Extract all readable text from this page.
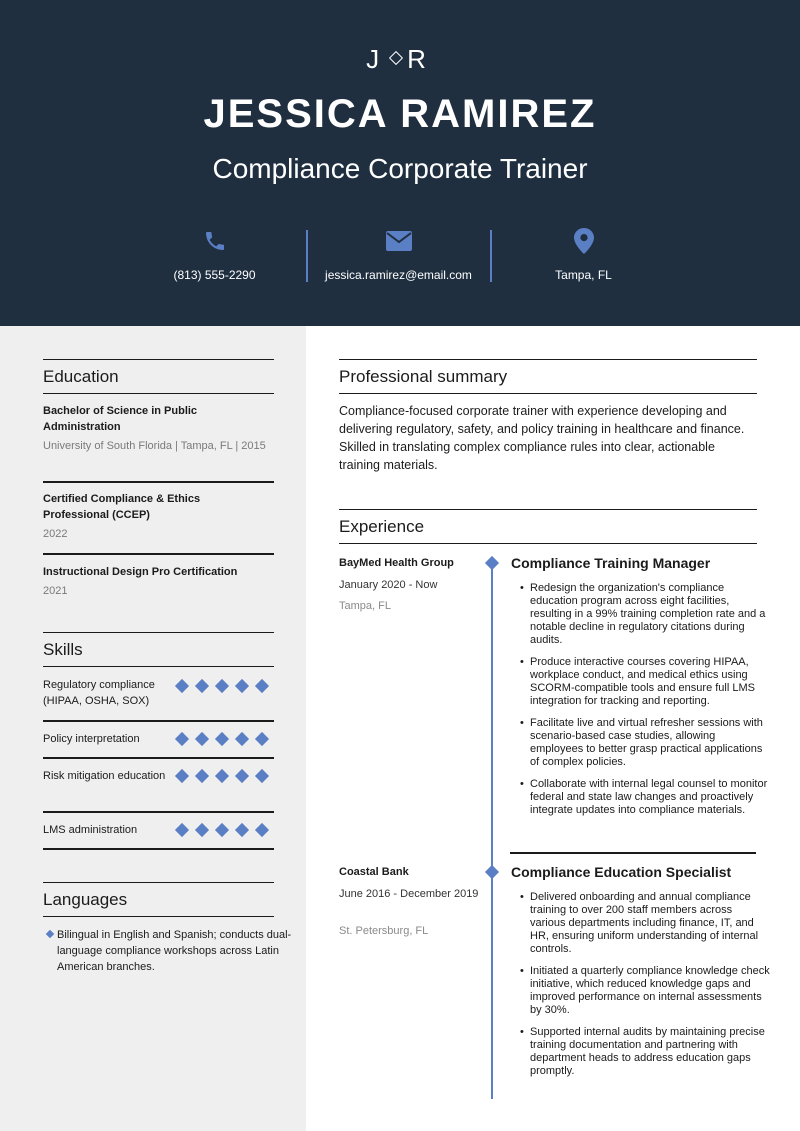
J R
JESSICA RAMIREZ
Compliance Corporate Trainer
(813) 555-2290	jessica.ramirez@email.com	Tampa, FL
Education
Bachelor of Science in Public Administration
University of South Florida | Tampa, FL | 2015
Certified Compliance & Ethics Professional (CCEP)
2022
Instructional Design Pro Certification
2021
Skills
Regulatory compliance (HIPAA, OSHA, SOX)
Policy interpretation
Risk mitigation education
LMS administration
Languages
Bilingual in English and Spanish; conducts dual-language compliance workshops across Latin American branches.
Professional summary
Compliance-focused corporate trainer with experience developing and delivering regulatory, safety, and policy training in healthcare and finance. Skilled in translating complex compliance rules into clear, actionable training materials.
Experience
BayMed Health Group
January 2020 - Now
Tampa, FL
Compliance Training Manager
• Redesign the organization's compliance education program across eight facilities, resulting in a 99% training completion rate and a notable decline in regulatory citations during audits.
• Produce interactive courses covering HIPAA, workplace conduct, and medical ethics using SCORM-compatible tools and ensure full LMS integration for tracking and reporting.
• Facilitate live and virtual refresher sessions with scenario-based case studies, allowing employees to better grasp practical applications of complex policies.
• Collaborate with internal legal counsel to monitor federal and state law changes and proactively integrate updates into compliance materials.
Coastal Bank
June 2016 - December 2019
St. Petersburg, FL
Compliance Education Specialist
• Delivered onboarding and annual compliance training to over 200 staff members across various departments including finance, IT, and HR, ensuring uniform understanding of internal controls.
• Initiated a quarterly compliance knowledge check initiative, which reduced knowledge gaps and improved performance on internal assessments by 30%.
• Supported internal audits by maintaining precise training documentation and partnering with department heads to address education gaps promptly.
